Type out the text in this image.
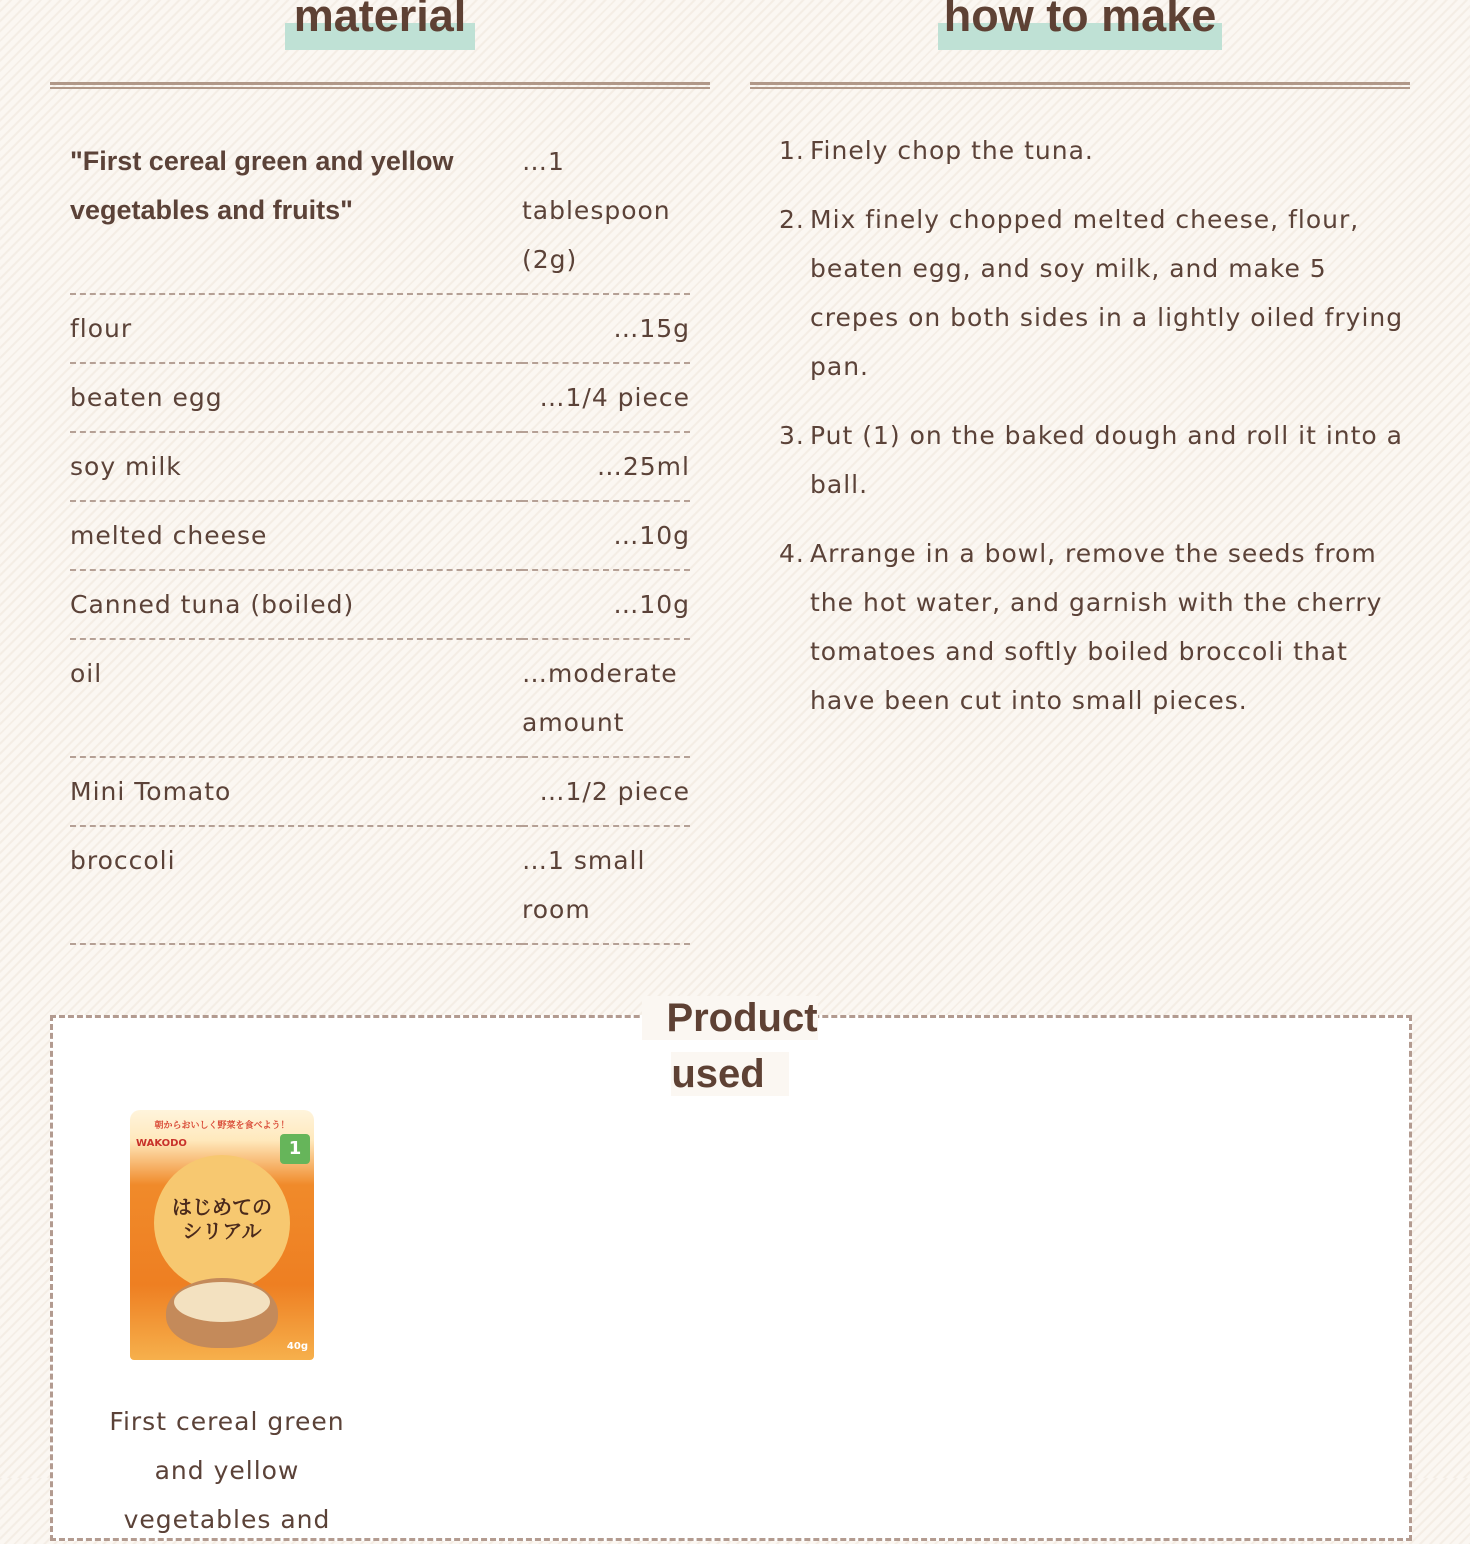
material
"First cereal green and yellow vegetables and fruits"	…1 tablespoon (2g)
flour	…15g
beaten egg	…1/4 piece
soy milk	…25ml
melted cheese	…10g
Canned tuna (boiled)	…10g
oil	…moderate amount
Mini Tomato	…1/2 piece
broccoli	…1 small room
how to make
1. Finely chop the tuna.
2. Mix finely chopped melted cheese, flour, beaten egg, and soy milk, and make 5 crepes on both sides in a lightly oiled frying pan.
3. Put (1) on the baked dough and roll it into a ball.
4. Arrange in a bowl, remove the seeds from the hot water, and garnish with the cherry tomatoes and softly boiled broccoli that have been cut into small pieces.
Product used
朝からおいしく野菜を食べよう！
WAKODO	1
はじめての
シリアル
40g
First cereal green and yellow vegetables and
